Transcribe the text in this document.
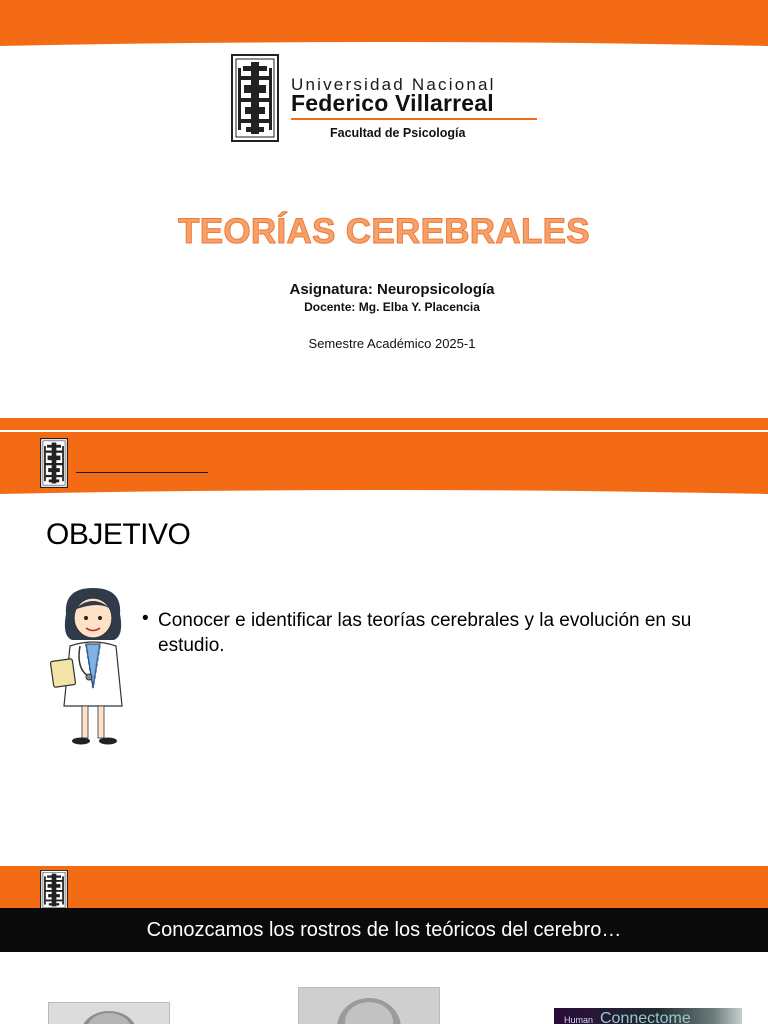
Universidad Nacional
Federico Villarreal
Facultad de Psicología
TEORÍAS CEREBRALES
Asignatura: Neuropsicología
Docente: Mg. Elba Y. Placencia
Semestre Académico 2025-1
OBJETIVO
• Conocer e identificar las teorías cerebrales y la evolución en su estudio.
Conozcamos los rostros de los teóricos del cerebro…
Human Connectome
